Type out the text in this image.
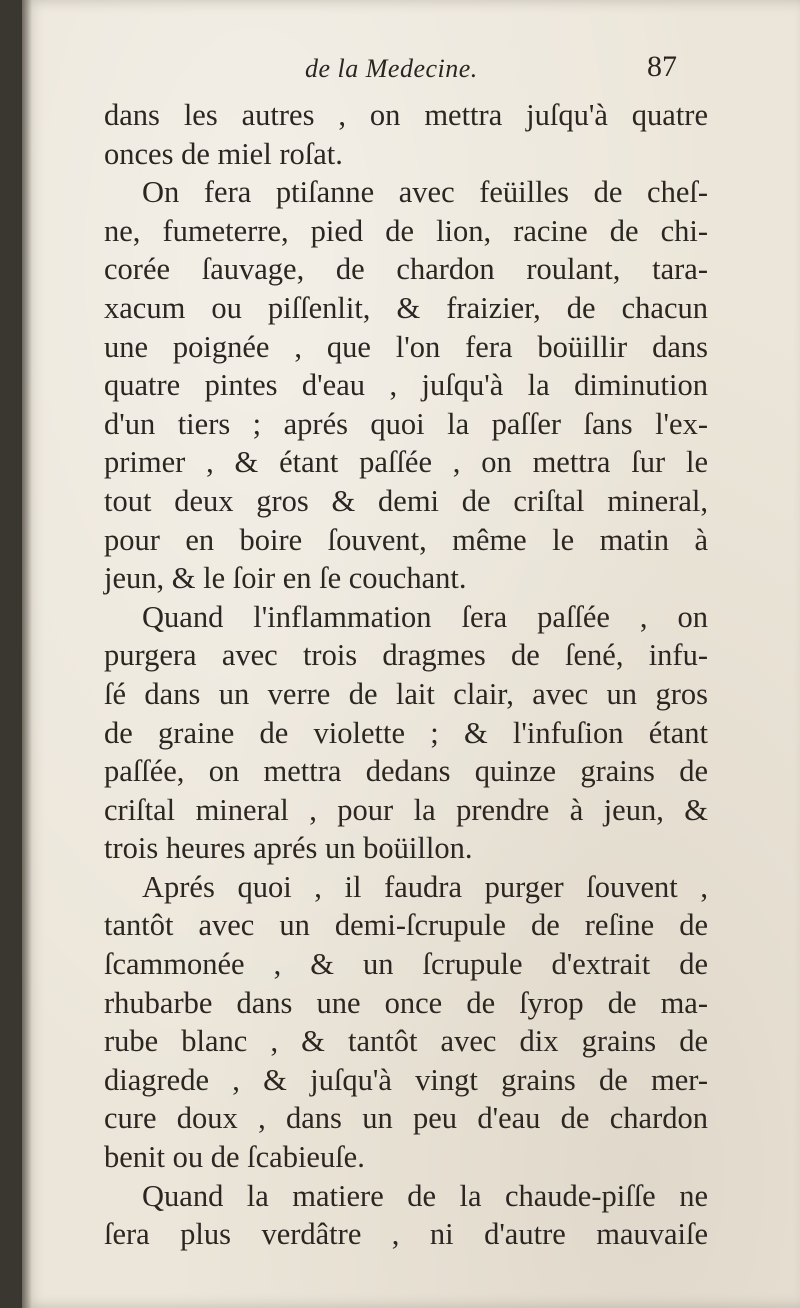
de la Medecine.	87
dans les autres , on mettra juſqu'à quatre
onces de miel roſat.
On fera ptiſanne avec feüilles de cheſ-
ne, fumeterre, pied de lion, racine de chi-
corée ſauvage, de chardon roulant, tara-
xacum ou piſſenlit, & fraizier, de chacun
une poignée , que l'on fera boüillir dans
quatre pintes d'eau , juſqu'à la diminution
d'un tiers ; aprés quoi la paſſer ſans l'ex-
primer , & étant paſſée , on mettra ſur le
tout deux gros & demi de criſtal mineral,
pour en boire ſouvent, même le matin à
jeun, & le ſoir en ſe couchant.
Quand l'inflammation ſera paſſée , on
purgera avec trois dragmes de ſené, infu-
ſé dans un verre de lait clair, avec un gros
de graine de violette ; & l'infuſion étant
paſſée, on mettra dedans quinze grains de
criſtal mineral , pour la prendre à jeun, &
trois heures aprés un boüillon.
Aprés quoi , il faudra purger ſouvent ,
tantôt avec un demi-ſcrupule de reſine de
ſcammonée , & un ſcrupule d'extrait de
rhubarbe dans une once de ſyrop de ma-
rube blanc , & tantôt avec dix grains de
diagrede , & juſqu'à vingt grains de mer-
cure doux , dans un peu d'eau de chardon
benit ou de ſcabieuſe.
Quand la matiere de la chaude-piſſe ne
ſera plus verdâtre , ni d'autre mauvaiſe
